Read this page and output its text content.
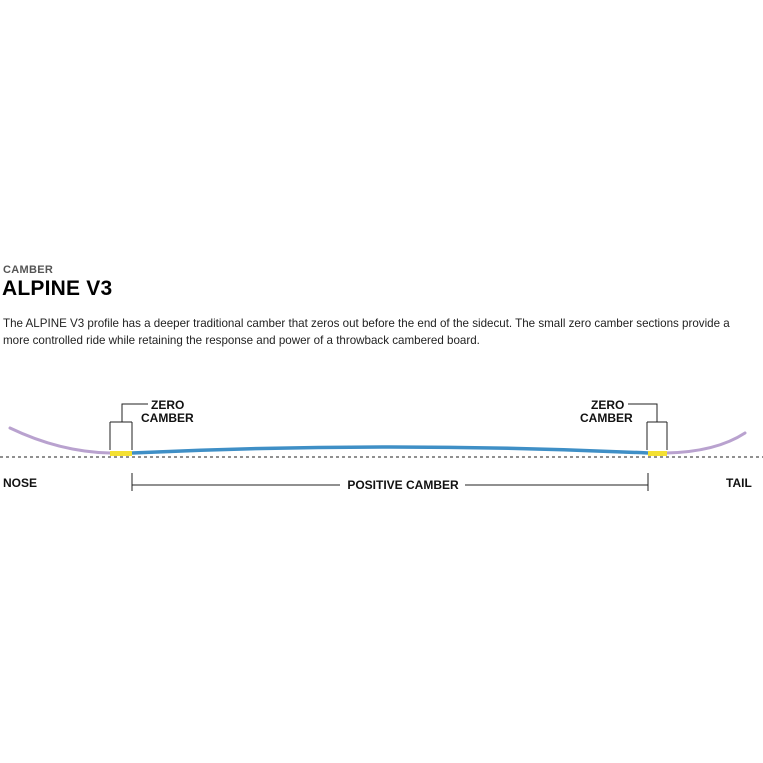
CAMBER
ALPINE V3
The ALPINE V3 profile has a deeper traditional camber that zeros out before the end of the sidecut. The small zero camber sections provide a more controlled ride while retaining the response and power of a throwback cambered board.
ZERO
CAMBER
ZERO
CAMBER
POSITIVE CAMBER
NOSE	TAIL
